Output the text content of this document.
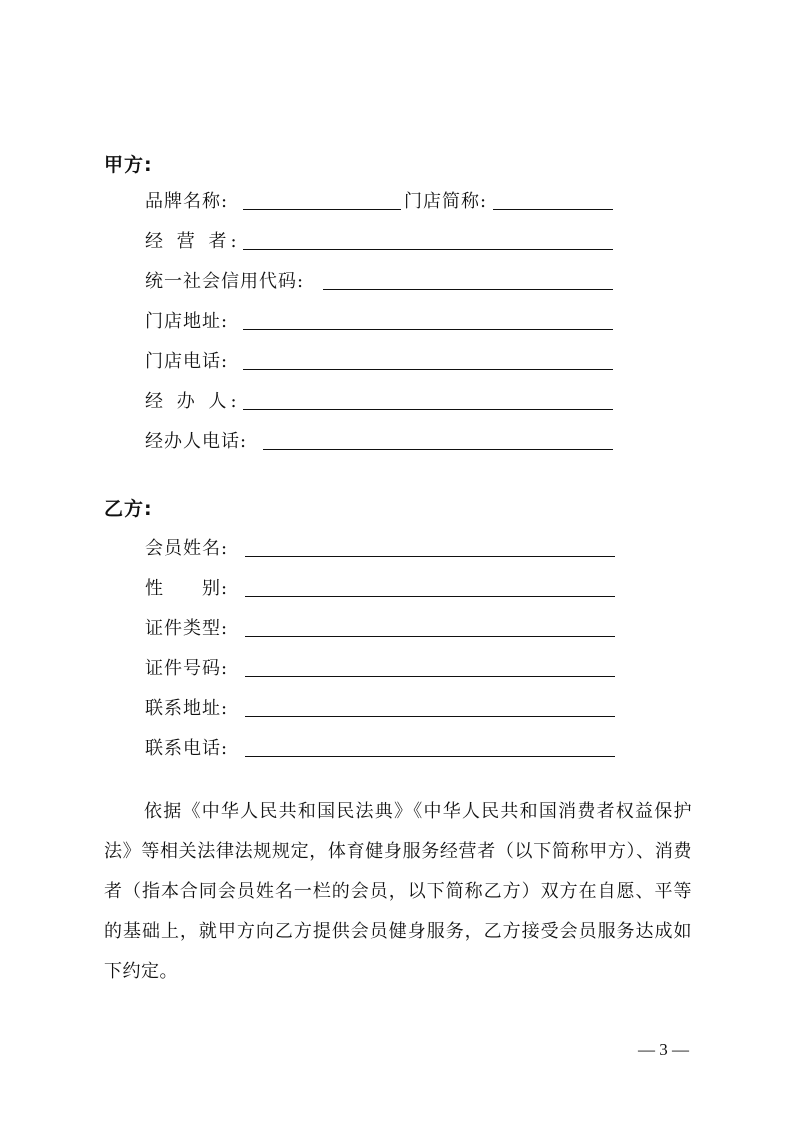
甲方:
品牌名称:	门店简称:
经 营 者:
统一社会信用代码:
门店地址:
门店电话:
经 办 人:
经办人电话:
乙方:
会员姓名:
性　　别:
证件类型:
证件号码:
联系地址:
联系电话:

依据《中华人民共和国民法典》《中华人民共和国消费者权益保护法》等相关法律法规规定，体育健身服务经营者（以下简称甲方）、消费者（指本合同会员姓名一栏的会员，以下简称乙方）双方在自愿、平等的基础上，就甲方向乙方提供会员健身服务，乙方接受会员服务达成如下约定。

— 3 —
